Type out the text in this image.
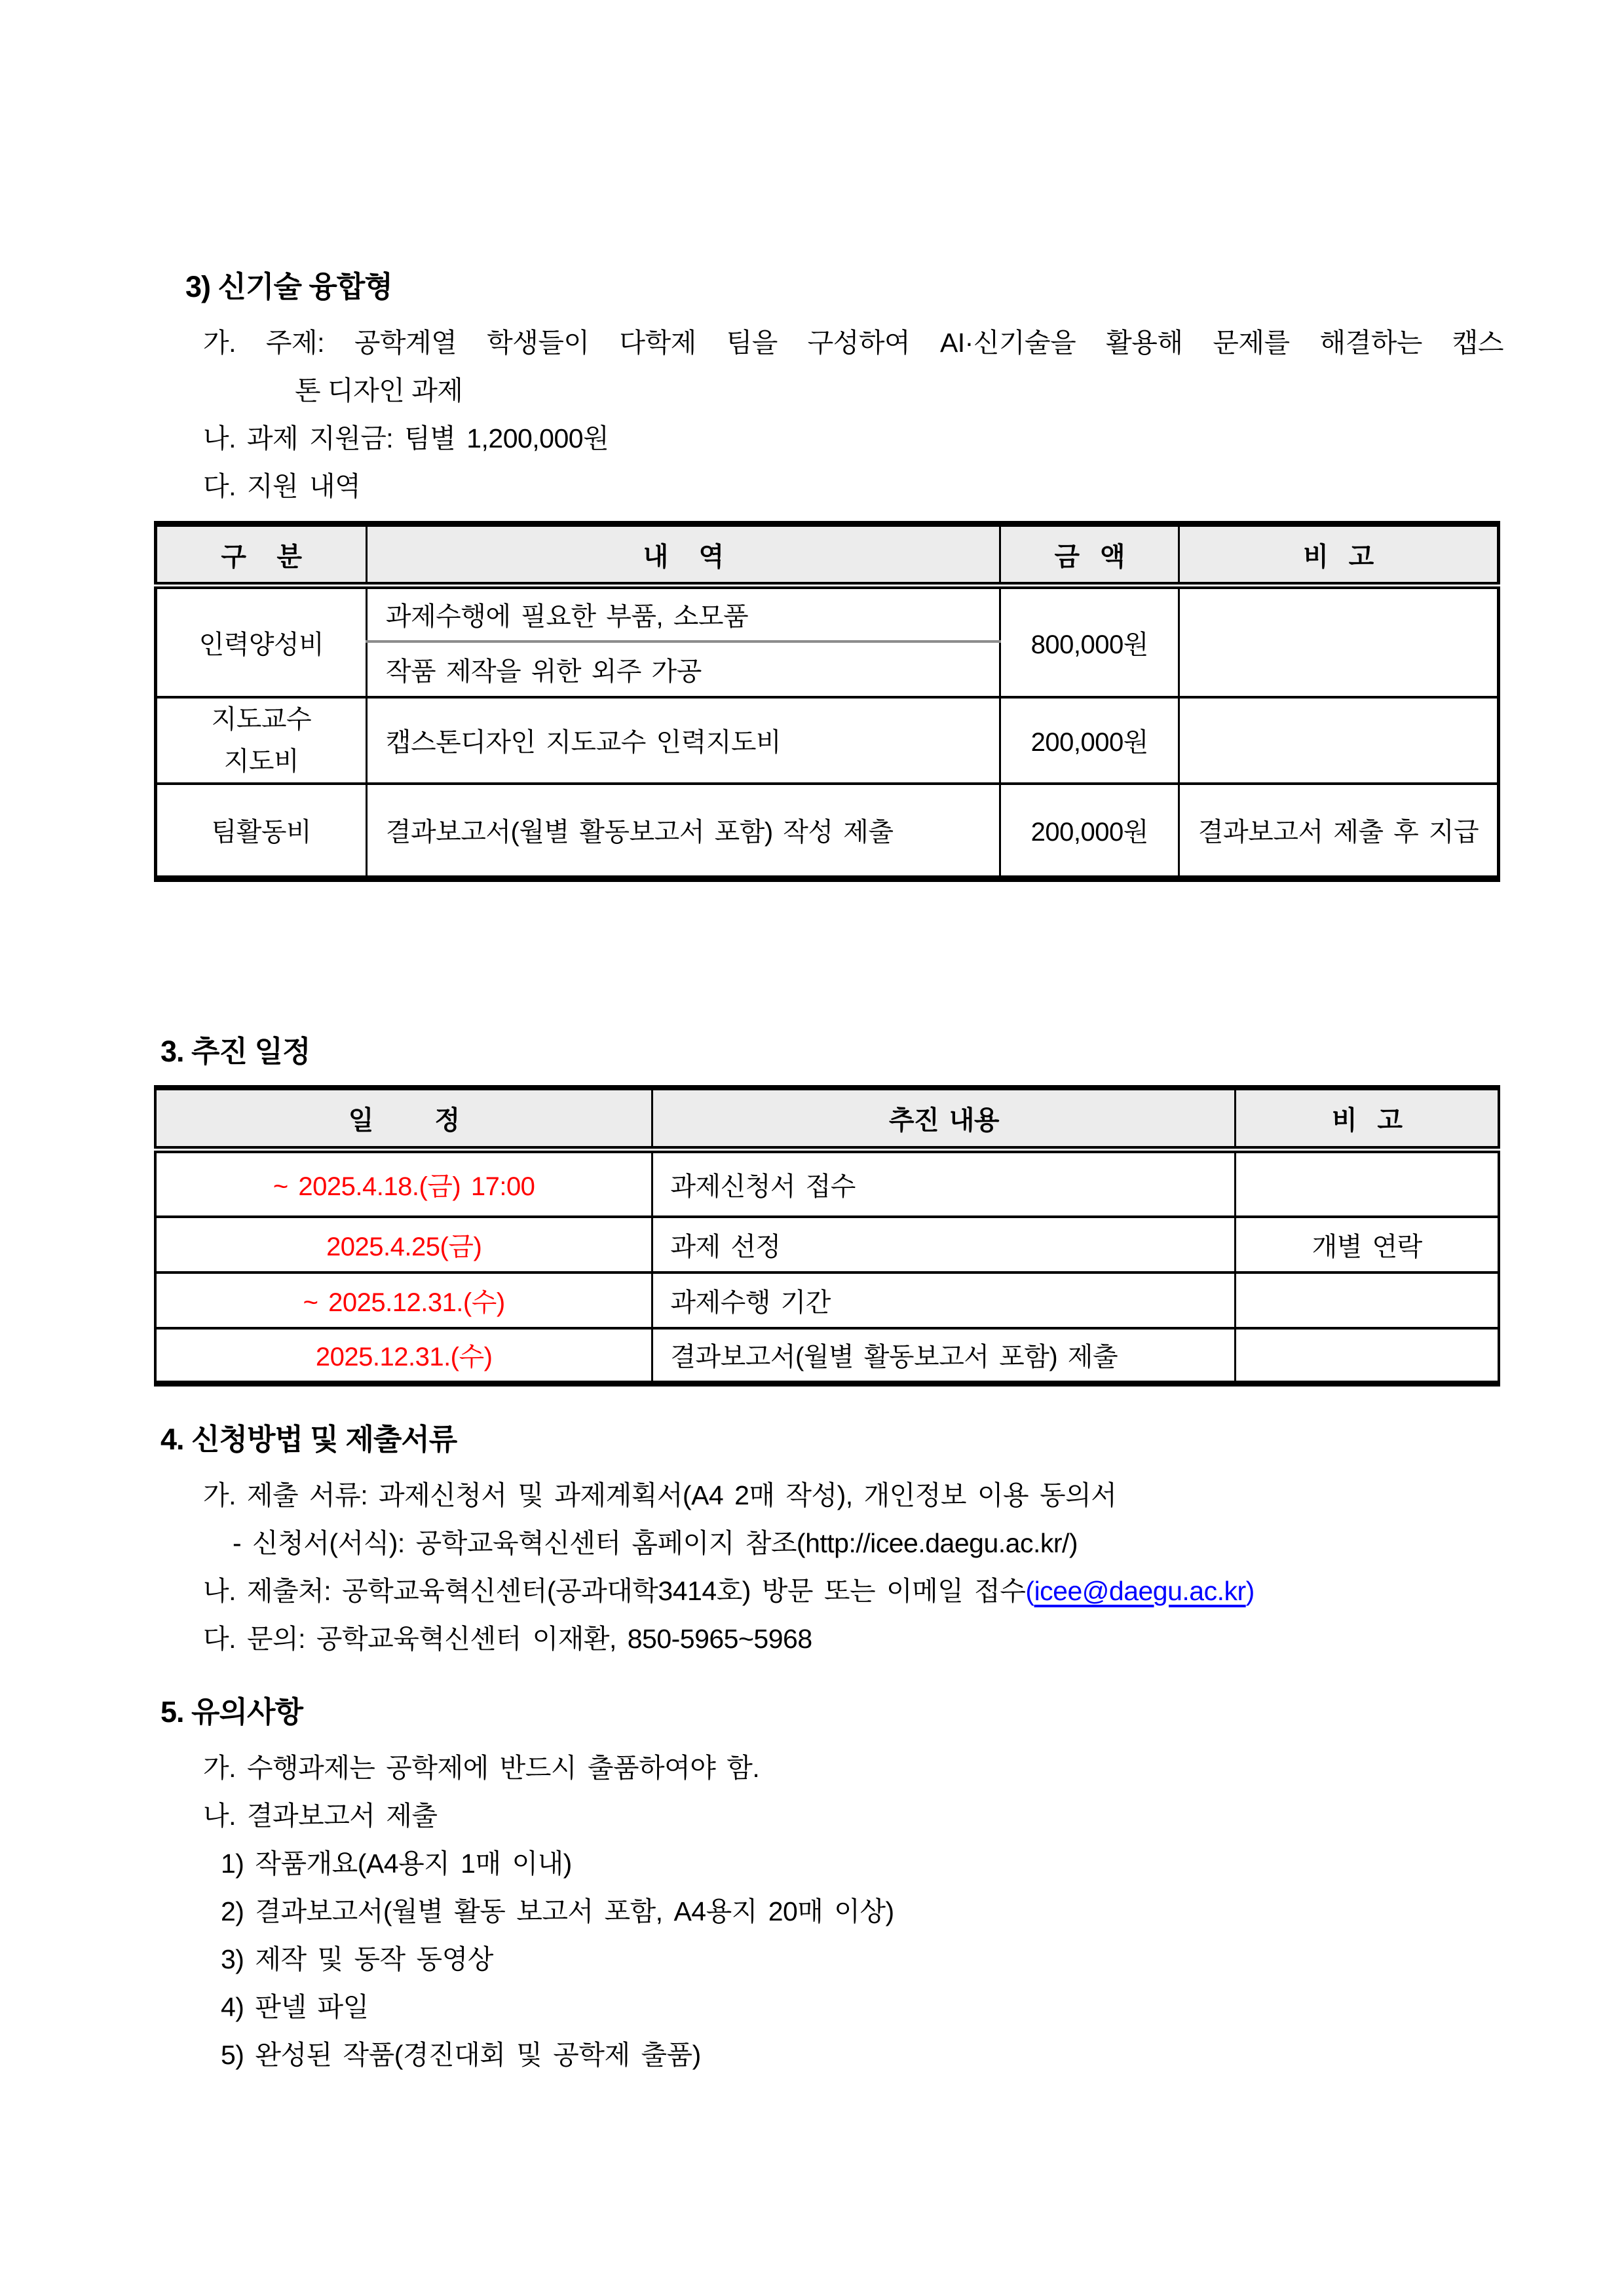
3) 신기술 융합형
가. 주제: 공학계열 학생들이 다학제 팀을 구성하여 AI·신기술을 활용해 문제를 해결하는 캡스
톤 디자인 과제
나. 과제 지원금: 팀별 1,200,000원
다. 지원 내역
구   분	내   역	금  액	비  고
인력양성비	과제수행에 필요한 부품, 소모품	800,000원	
	작품 제작을 위한 외주 가공		

지도교수
지도비	캡스톤디자인 지도교수 인력지도비	200,000원	
팀활동비	결과보고서(월별 활동보고서 포함) 작성 제출	200,000원	결과보고서 제출 후 지급
3. 추진 일정
일      정	추진 내용	비  고
~ 2025.4.18.(금) 17:00	과제신청서 접수	
2025.4.25(금)	과제 선정	개별 연락
~ 2025.12.31.(수)	과제수행 기간	
2025.12.31.(수)	결과보고서(월별 활동보고서 포함) 제출	
4. 신청방법 및 제출서류
가. 제출 서류: 과제신청서 및 과제계획서(A4 2매 작성), 개인정보 이용 동의서
- 신청서(서식): 공학교육혁신센터 홈페이지 참조(http://icee.daegu.ac.kr/)
나. 제출처: 공학교육혁신센터(공과대학3414호) 방문 또는 이메일 접수(icee@daegu.ac.kr)
다. 문의: 공학교육혁신센터 이재환, 850-5965~5968
5. 유의사항
가. 수행과제는 공학제에 반드시 출품하여야 함.
나. 결과보고서 제출
1) 작품개요(A4용지 1매 이내)
2) 결과보고서(월별 활동 보고서 포함, A4용지 20매 이상)
3) 제작 및 동작 동영상
4) 판넬 파일
5) 완성된 작품(경진대회 및 공학제 출품)
